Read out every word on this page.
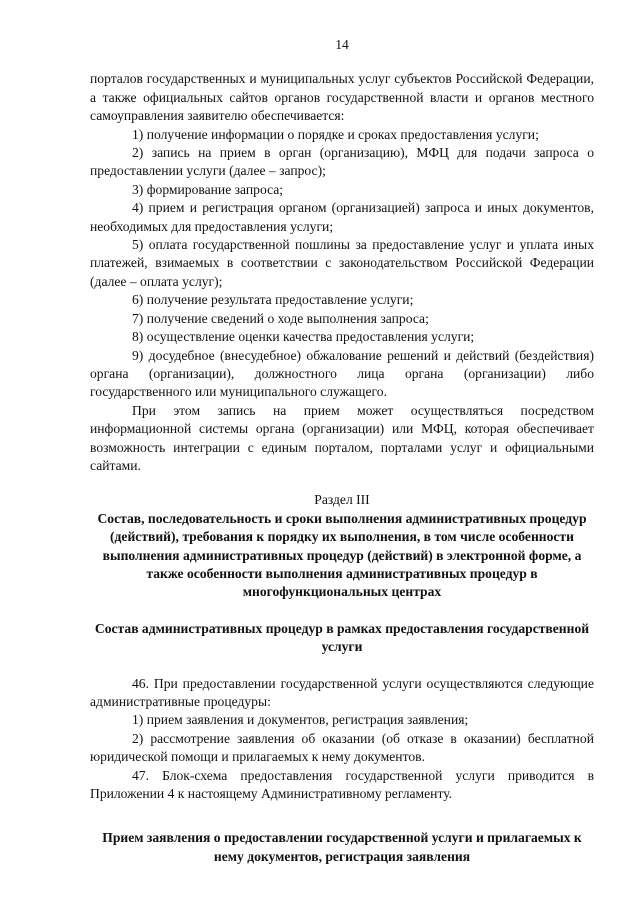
14

порталов государственных и муниципальных услуг субъектов Российской Федерации, а также официальных сайтов органов государственной власти и органов местного самоуправления заявителю обеспечивается:

1) получение информации о порядке и сроках предоставления услуги;

2) запись на прием в орган (организацию), МФЦ для подачи запроса о предоставлении услуги (далее – запрос);

3) формирование запроса;

4) прием и регистрация органом (организацией) запроса и иных документов, необходимых для предоставления услуги;

5) оплата государственной пошлины за предоставление услуг и уплата иных платежей, взимаемых в соответствии с законодательством Российской Федерации (далее – оплата услуг);

6) получение результата предоставление услуги;

7) получение сведений о ходе выполнения запроса;

8) осуществление оценки качества предоставления услуги;

9) досудебное (внесудебное) обжалование решений и действий (бездействия) органа (организации), должностного лица органа (организации) либо государственного или муниципального служащего.

При этом запись на прием может осуществляться посредством информационной системы органа (организации) или МФЦ, которая обеспечивает возможность интеграции с единым порталом, порталами услуг и официальными сайтами.

Раздел III
Состав, последовательность и сроки выполнения административных процедур (действий), требования к порядку их выполнения, в том числе особенности выполнения административных процедур (действий) в электронной форме, а также особенности выполнения административных процедур в многофункциональных центрах
Состав административных процедур в рамках предоставления государственной услуги

46. При предоставлении государственной услуги осуществляются следующие административные процедуры:

1) прием заявления и документов, регистрация заявления;

2) рассмотрение заявления об оказании (об отказе в оказании) бесплатной юридической помощи и прилагаемых к нему документов.

47. Блок-схема предоставления государственной услуги приводится в Приложении 4 к настоящему Административному регламенту.

Прием заявления о предоставлении государственной услуги и прилагаемых к нему документов, регистрация заявления
